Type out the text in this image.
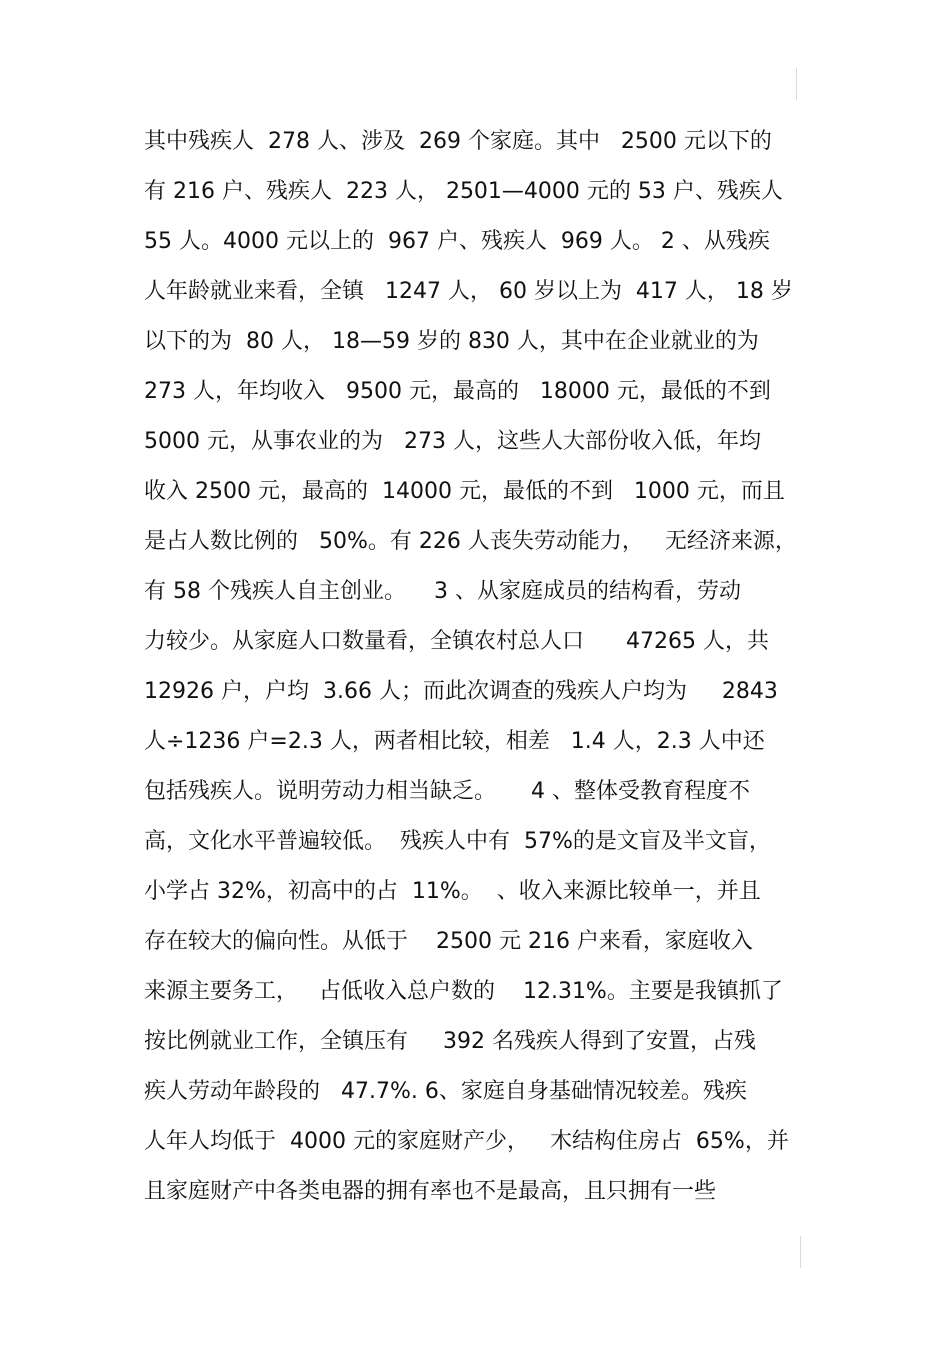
其中残疾人  278 人、涉及  269 个家庭。其中   2500 元以下的
有 216 户、残疾人  223 人， 2501—4000 元的 53 户、残疾人
55 人。4000 元以上的  967 户、残疾人  969 人。 2 、从残疾
人年龄就业来看，全镇   1247 人， 60 岁以上为  417 人， 18 岁
以下的为  80 人， 18—59 岁的 830 人，其中在企业就业的为
273 人，年均收入   9500 元，最高的   18000 元，最低的不到
5000 元，从事农业的为   273 人，这些人大部份收入低，年均
收入 2500 元，最高的  14000 元，最低的不到   1000 元，而且
是占人数比例的   50%。有 226 人丧失劳动能力，   无经济来源，
有 58 个残疾人自主创业。    3 、从家庭成员的结构看，劳动
力较少。从家庭人口数量看，全镇农村总人口      47265 人，共
12926 户，户均  3.66 人；而此次调查的残疾人户均为     2843
人÷1236 户=2.3 人，两者相比较，相差   1.4 人，2.3 人中还
包括残疾人。说明劳动力相当缺乏。     4 、整体受教育程度不
高，文化水平普遍较低。  残疾人中有  57%的是文盲及半文盲，
小学占 32%，初高中的占  11%。  、收入来源比较单一，并且
存在较大的偏向性。从低于    2500 元 216 户来看，家庭收入
来源主要务工，   占低收入总户数的    12.31%。主要是我镇抓了
按比例就业工作，全镇压有     392 名残疾人得到了安置，占残
疾人劳动年龄段的   47.7%. 6、家庭自身基础情况较差。残疾
人年人均低于  4000 元的家庭财产少，   木结构住房占  65%，并
且家庭财产中各类电器的拥有率也不是最高，且只拥有一些
